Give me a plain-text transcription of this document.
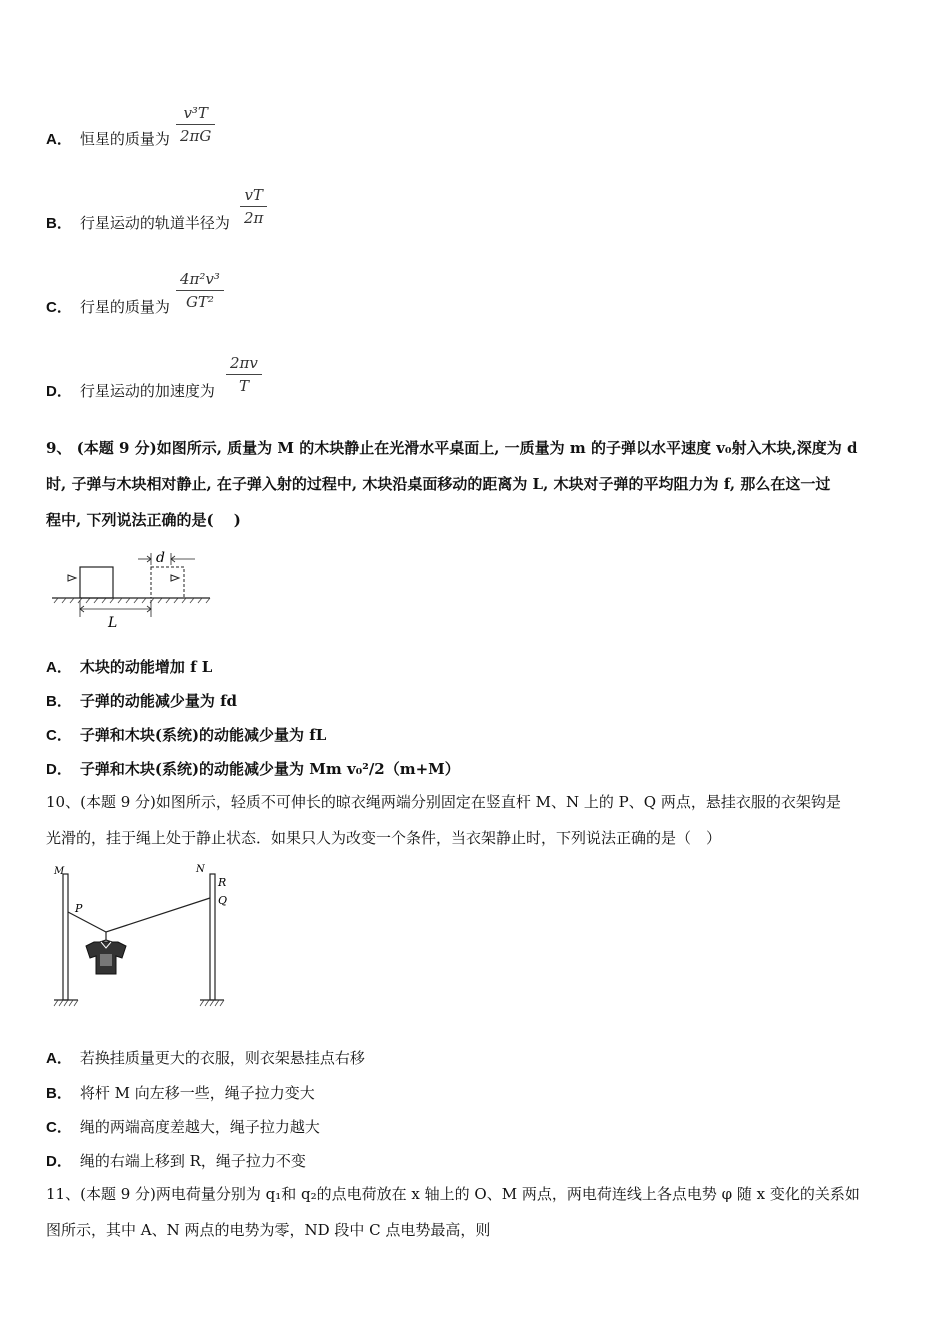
A． 恒星的质量为
v³T
2πG
B． 行星运动的轨道半径为
vT
2π
C． 行星的质量为
4π²v³
GT²
D． 行星运动的加速度为
2πv
T
9、 (本题 9 分)如图所示, 质量为 M 的木块静止在光滑水平桌面上, 一质量为 m 的子弹以水平速度 v₀射入木块,深度为 d
时, 子弹与木块相对静止, 在子弹入射的过程中, 木块沿桌面移动的距离为 L, 木块对子弹的平均阻力为 f, 那么在这一过
程中, 下列说法正确的是(　 )
d
L
A． 木块的动能增加 f L
B． 子弹的动能减少量为 fd
C． 子弹和木块(系统)的动能减少量为 fL
D． 子弹和木块(系统)的动能减少量为 Mm v₀²/2（m+M）
10、(本题 9 分)如图所示，轻质不可伸长的晾衣绳两端分别固定在竖直杆 M、N 上的 P、Q 两点，悬挂衣服的衣架钩是
光滑的，挂于绳上处于静止状态．如果只人为改变一个条件，当衣架静止时，下列说法正确的是（　）
M
P
N
R
Q
A． 若换挂质量更大的衣服，则衣架悬挂点右移
B． 将杆 M 向左移一些，绳子拉力变大
C． 绳的两端高度差越大，绳子拉力越大
D． 绳的右端上移到 R，绳子拉力不变
11、(本题 9 分)两电荷量分别为 q₁和 q₂的点电荷放在 x 轴上的 O、M 两点，两电荷连线上各点电势 φ 随 x 变化的关系如
图所示，其中 A、N 两点的电势为零，ND 段中 C 点电势最高，则
